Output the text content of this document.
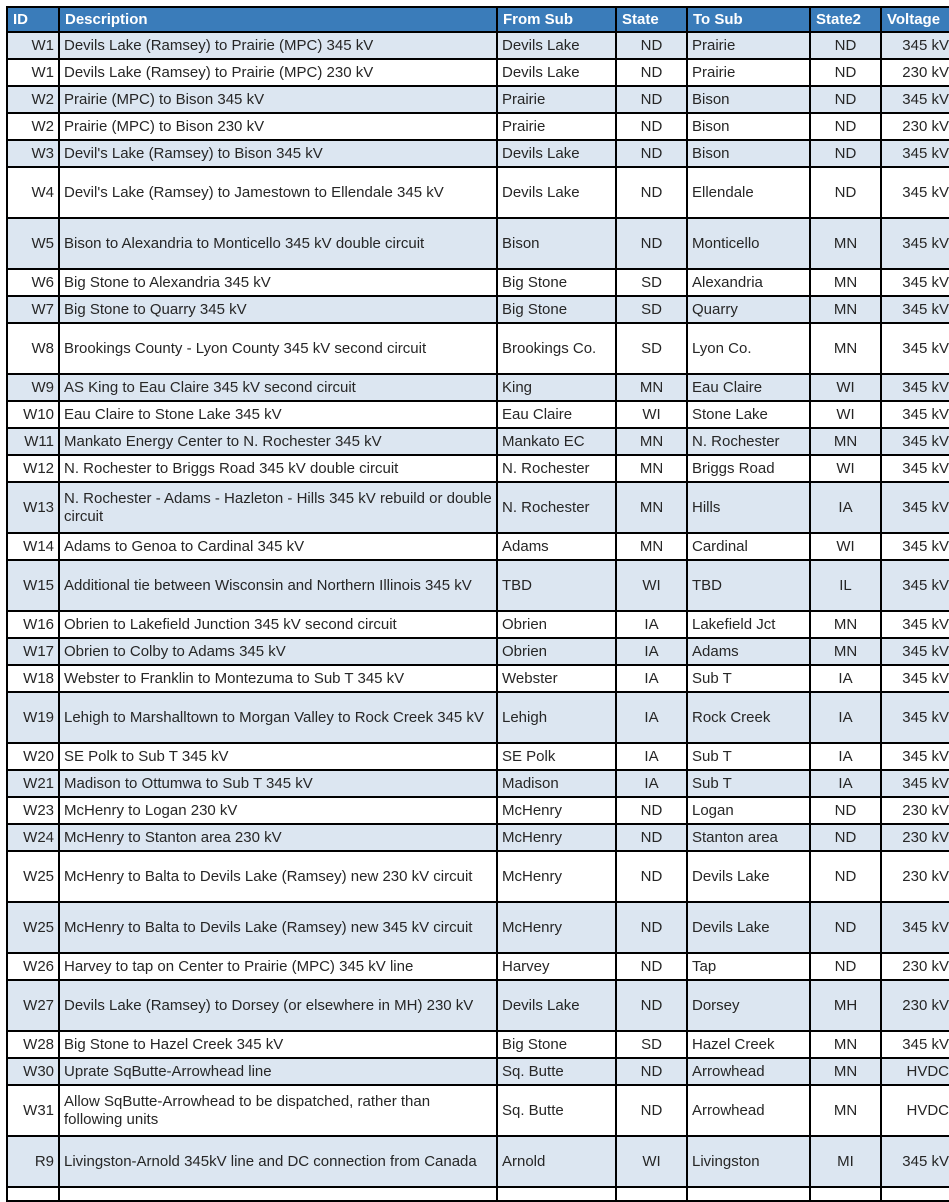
ID	Description	From Sub	State	To Sub	State2	Voltage
W1	Devils Lake (Ramsey) to Prairie (MPC) 345 kV	Devils Lake	ND	Prairie	ND	345 kV
W1	Devils Lake (Ramsey) to Prairie (MPC) 230 kV	Devils Lake	ND	Prairie	ND	230 kV
W2	Prairie (MPC) to Bison 345 kV	Prairie	ND	Bison	ND	345 kV
W2	Prairie (MPC) to Bison 230 kV	Prairie	ND	Bison	ND	230 kV
W3	Devil's Lake (Ramsey) to Bison 345 kV	Devils Lake	ND	Bison	ND	345 kV
W4	Devil's Lake (Ramsey) to Jamestown to Ellendale 345 kV	Devils Lake	ND	Ellendale	ND	345 kV
W5	Bison to Alexandria to Monticello 345 kV double circuit	Bison	ND	Monticello	MN	345 kV
W6	Big Stone to Alexandria 345 kV	Big Stone	SD	Alexandria	MN	345 kV
W7	Big Stone to Quarry 345 kV	Big Stone	SD	Quarry	MN	345 kV
W8	Brookings County - Lyon County 345 kV second circuit	Brookings Co.	SD	Lyon Co.	MN	345 kV
W9	AS King to Eau Claire 345 kV second circuit	King	MN	Eau Claire	WI	345 kV
W10	Eau Claire to Stone Lake 345 kV	Eau Claire	WI	Stone Lake	WI	345 kV
W11	Mankato Energy Center to N. Rochester 345 kV	Mankato EC	MN	N. Rochester	MN	345 kV
W12	N. Rochester to Briggs Road 345 kV double circuit	N. Rochester	MN	Briggs Road	WI	345 kV
W13	N. Rochester - Adams - Hazleton - Hills 345 kV rebuild or double circuit	N. Rochester	MN	Hills	IA	345 kV
W14	Adams to Genoa to Cardinal 345 kV	Adams	MN	Cardinal	WI	345 kV
W15	Additional tie between Wisconsin and Northern Illinois 345 kV	TBD	WI	TBD	IL	345 kV
W16	Obrien to Lakefield Junction 345 kV second circuit	Obrien	IA	Lakefield Jct	MN	345 kV
W17	Obrien to Colby to Adams 345 kV	Obrien	IA	Adams	MN	345 kV
W18	Webster to Franklin to Montezuma to Sub T 345 kV	Webster	IA	Sub T	IA	345 kV
W19	Lehigh to Marshalltown to Morgan Valley to Rock Creek 345 kV	Lehigh	IA	Rock Creek	IA	345 kV
W20	SE Polk to Sub T 345 kV	SE Polk	IA	Sub T	IA	345 kV
W21	Madison to Ottumwa to Sub T 345 kV	Madison	IA	Sub T	IA	345 kV
W23	McHenry to Logan 230 kV	McHenry	ND	Logan	ND	230 kV
W24	McHenry to Stanton area 230 kV	McHenry	ND	Stanton area	ND	230 kV
W25	McHenry to Balta to Devils Lake (Ramsey) new 230 kV circuit	McHenry	ND	Devils Lake	ND	230 kV
W25	McHenry to Balta to Devils Lake (Ramsey) new 345 kV circuit	McHenry	ND	Devils Lake	ND	345 kV
W26	Harvey to tap on Center to Prairie (MPC) 345 kV line	Harvey	ND	Tap	ND	230 kV
W27	Devils Lake (Ramsey) to Dorsey (or elsewhere in MH) 230 kV	Devils Lake	ND	Dorsey	MH	230 kV
W28	Big Stone to Hazel Creek 345 kV	Big Stone	SD	Hazel Creek	MN	345 kV
W30	Uprate SqButte-Arrowhead line	Sq. Butte	ND	Arrowhead	MN	HVDC
W31	Allow SqButte-Arrowhead to be dispatched, rather than following units	Sq. Butte	ND	Arrowhead	MN	HVDC
R9	Livingston-Arnold 345kV line and DC connection from Canada	Arnold	WI	Livingston	MI	345 kV
